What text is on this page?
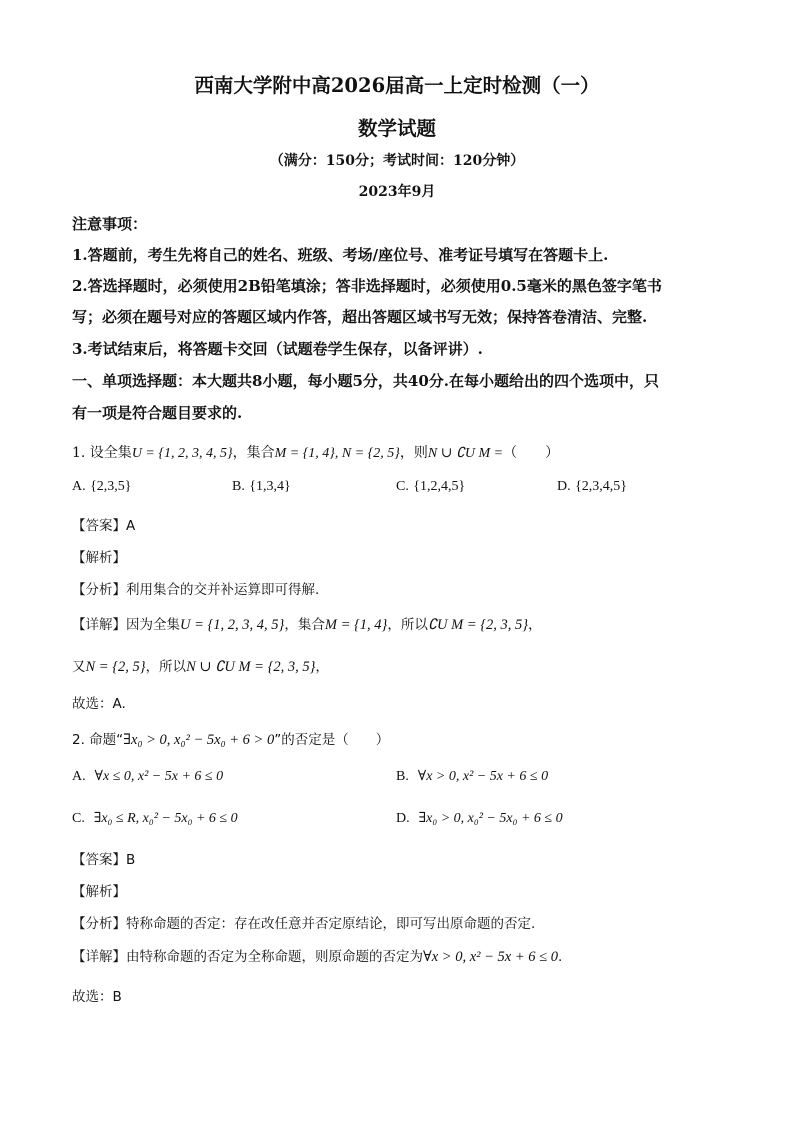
西南大学附中高2026届高一上定时检测（一）
数学试题
（满分：150分；考试时间：120分钟）
2023年9月
注意事项：
1.答题前，考生先将自己的姓名、班级、考场/座位号、准考证号填写在答题卡上.
2.答选择题时，必须使用2B铅笔填涂；答非选择题时，必须使用0.5毫米的黑色签字笔书
写；必须在题号对应的答题区域内作答，超出答题区域书写无效；保持答卷清洁、完整.
3.考试结束后，将答题卡交回（试题卷学生保存，以备评讲）.
一、单项选择题：本大题共8小题，每小题5分，共40分.在每小题给出的四个选项中，只
有一项是符合题目要求的.
1. 设全集U = {1, 2, 3, 4, 5}，集合M = {1, 4}, N = {2, 5}，则N ∪ ∁U M =（　　）
A. {2,3,5}	B. {1,3,4}	C. {1,2,4,5}	D. {2,3,4,5}
【答案】A
【解析】
【分析】利用集合的交并补运算即可得解.
【详解】因为全集U = {1, 2, 3, 4, 5}，集合M = {1, 4}，所以∁U M = {2, 3, 5}，
又N = {2, 5}，所以N ∪ ∁U M = {2, 3, 5}，
故选：A.
2. 命题“∃x₀ > 0, x₀² − 5x₀ + 6 > 0”的否定是（　　）
A. ∀x ≤ 0, x² − 5x + 6 ≤ 0	B. ∀x > 0, x² − 5x + 6 ≤ 0
C. ∃x₀ ≤ R, x₀² − 5x₀ + 6 ≤ 0	D. ∃x₀ > 0, x₀² − 5x₀ + 6 ≤ 0
【答案】B
【解析】
【分析】特称命题的否定：存在改任意并否定原结论，即可写出原命题的否定.
【详解】由特称命题的否定为全称命题，则原命题的否定为∀x > 0, x² − 5x + 6 ≤ 0.
故选：B
